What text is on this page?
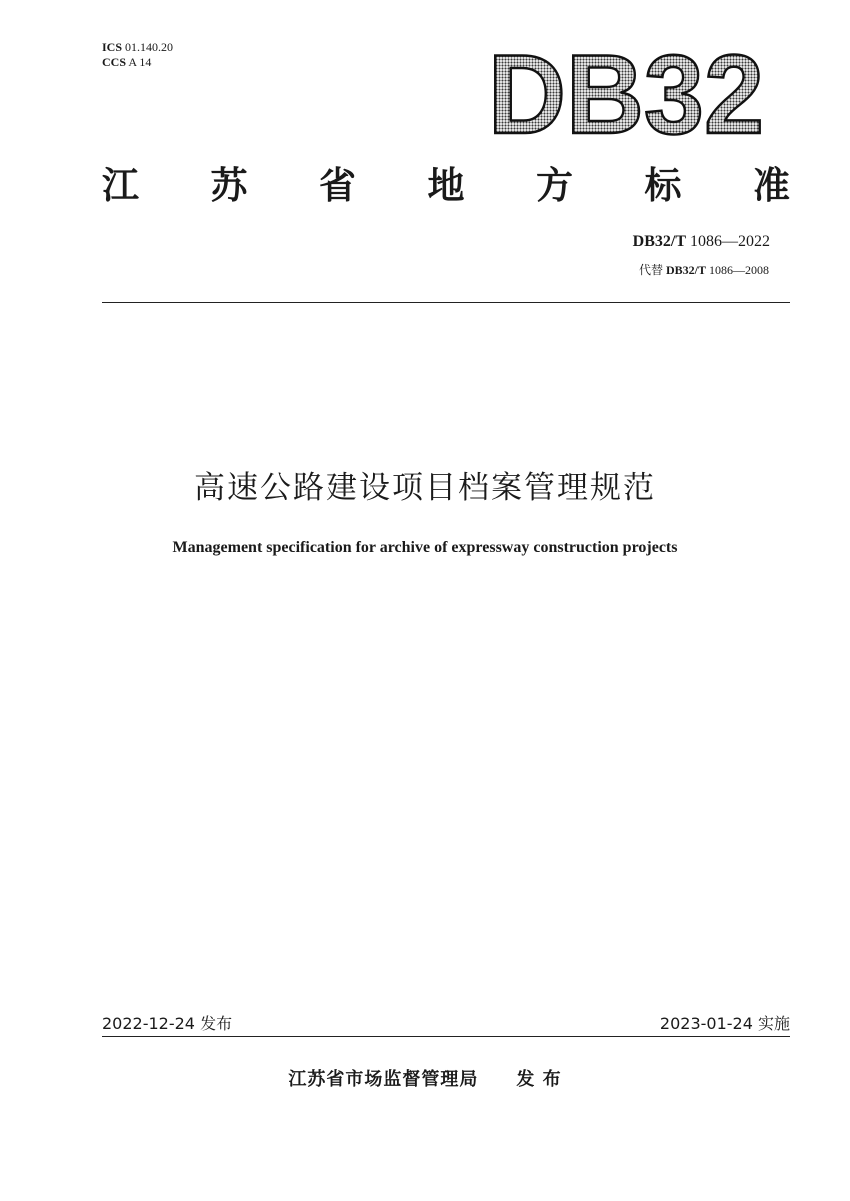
ICS 01.140.20
CCS A 14	DB32
江 苏 省 地 方 标 准
DB32/T 1086—2022
代替 DB32/T 1086—2008
高速公路建设项目档案管理规范
Management specification for archive of expressway construction projects
2022-12-24 发布	2023-01-24 实施
江苏省市场监督管理局 发 布
